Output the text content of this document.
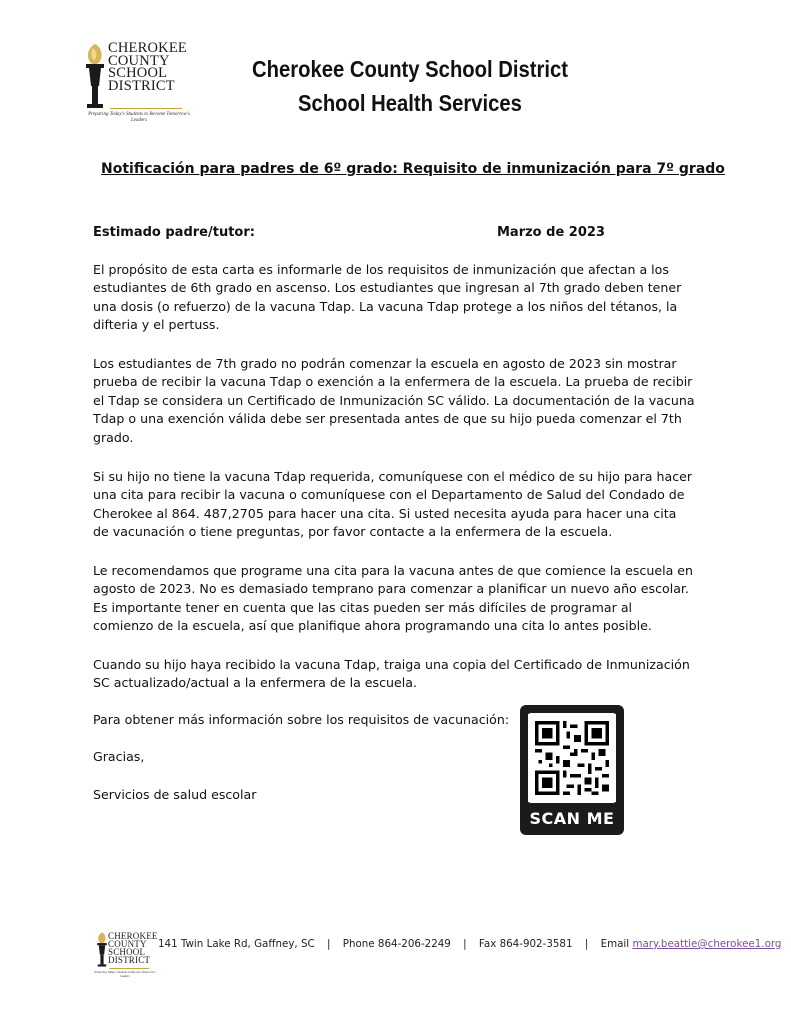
CHEROKEE
COUNTY
SCHOOL
DISTRICT
Preparing Today's Students to Become Tomorrow's Leaders
Cherokee County School District
School Health Services
Notificación para padres de 6º grado: Requisito de inmunización para 7º grado
Estimado padre/tutor:	Marzo de 2023
El propósito de esta carta es informarle de los requisitos de inmunización que afectan a los estudiantes de 6th grado en ascenso. Los estudiantes que ingresan al 7th grado deben tener una dosis (o refuerzo) de la vacuna Tdap. La vacuna Tdap protege a los niños del tétanos, la difteria y el pertuss.
Los estudiantes de 7th grado no podrán comenzar la escuela en agosto de 2023 sin mostrar prueba de recibir la vacuna Tdap o exención a la enfermera de la escuela. La prueba de recibir el Tdap se considera un Certificado de Inmunización SC válido. La documentación de la vacuna Tdap o una exención válida debe ser presentada antes de que su hijo pueda comenzar el 7th grado.
Si su hijo no tiene la vacuna Tdap requerida, comuníquese con el médico de su hijo para hacer una cita para recibir la vacuna o comuníquese con el Departamento de Salud del Condado de Cherokee al 864. 487,2705 para hacer una cita. Si usted necesita ayuda para hacer una cita de vacunación o tiene preguntas, por favor contacte a la enfermera de la escuela.
Le recomendamos que programe una cita para la vacuna antes de que comience la escuela en agosto de 2023. No es demasiado temprano para comenzar a planificar un nuevo año escolar. Es importante tener en cuenta que las citas pueden ser más difíciles de programar al comienzo de la escuela, así que planifique ahora programando una cita lo antes posible.
Cuando su hijo haya recibido la vacuna Tdap, traiga una copia del Certificado de Inmunización SC actualizado/actual a la enfermera de la escuela.
Para obtener más información sobre los requisitos de vacunación:
Gracias,
Servicios de salud escolar
SCAN ME
CHEROKEE
COUNTY
SCHOOL
DISTRICT
Preparing Today's Students to Become Tomorrow's Leaders
141 Twin Lake Rd, Gaffney, SC | Phone 864-206-2249 | Fax 864-902-3581 | Email mary.beattie@cherokee1.org
